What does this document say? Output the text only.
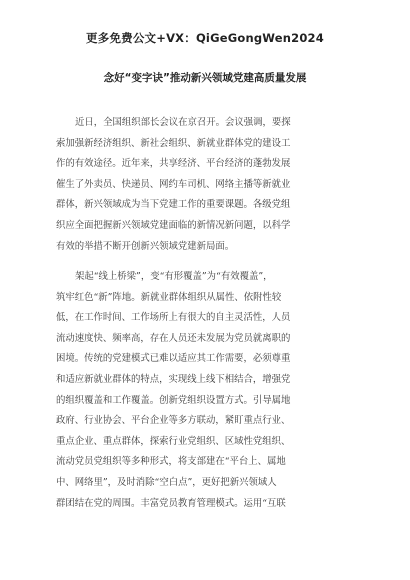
更多免费公文+VX：QiGeGongWen2024
念好“变字诀”推动新兴领域党建高质量发展
近日，全国组织部长会议在京召开。会议强调，要探
索加强新经济组织、新社会组织、新就业群体党的建设工
作的有效途径。近年来，共享经济、平台经济的蓬勃发展
催生了外卖员、快递员、网约车司机、网络主播等新就业
群体，新兴领域成为当下党建工作的重要课题。各级党组
织应全面把握新兴领域党建面临的新情况新问题，以科学
有效的举措不断开创新兴领域党建新局面。
架起“线上桥梁”，变“有形覆盖”为“有效覆盖”，
筑牢红色“新”阵地。新就业群体组织从属性、依附性较
低，在工作时间、工作场所上有很大的自主灵活性，人员
流动速度快、频率高，存在人员还未发展为党员就离职的
困境。传统的党建模式已难以适应其工作需要，必须尊重
和适应新就业群体的特点，实现线上线下相结合，增强党
的组织覆盖和工作覆盖。创新党组织设置方式。引导属地
政府、行业协会、平台企业等多方联动，紧盯重点行业、
重点企业、重点群体，探索行业党组织、区域性党组织、
流动党员党组织等多种形式，将支部建在“平台上、属地
中、网络里”，及时消除“空白点”，更好把新兴领域人
群团结在党的周围。丰富党员教育管理模式。运用“互联
